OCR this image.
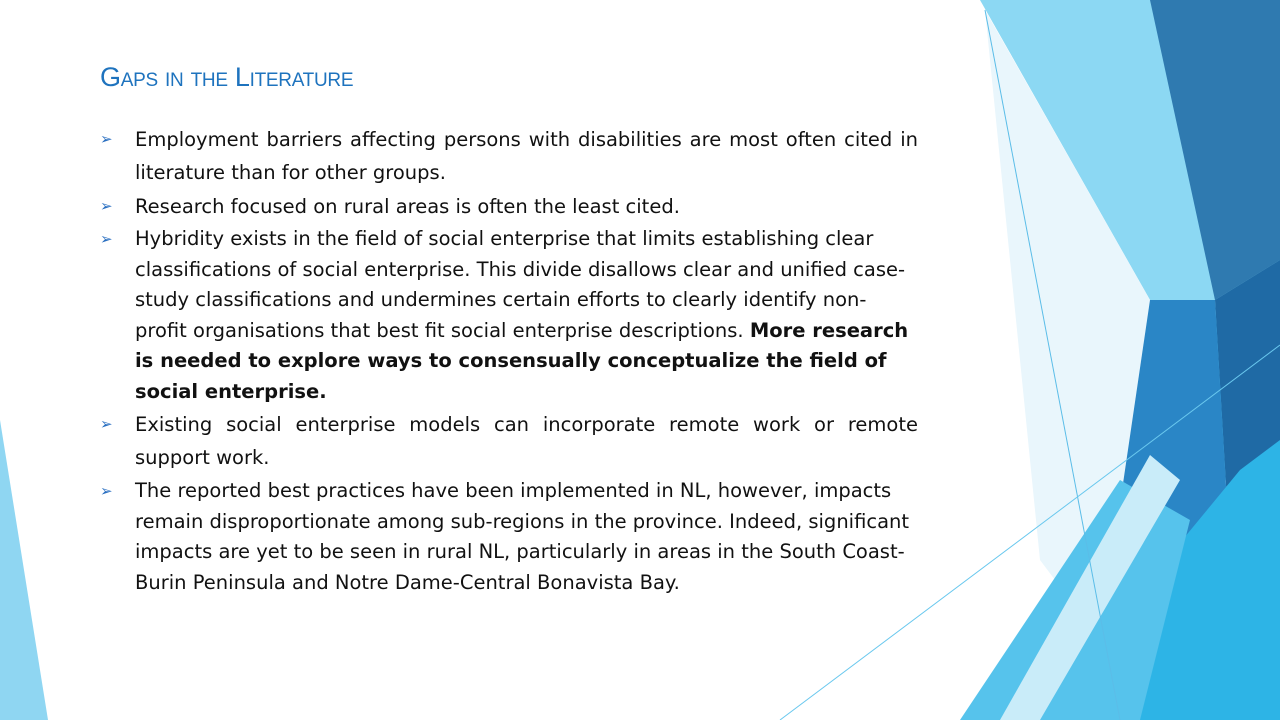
Gaps in the Literature
➢ Employment barriers affecting persons with disabilities are most often cited in literature than for other groups.
➢ Research focused on rural areas is often the least cited.
➢ Hybridity exists in the field of social enterprise that limits establishing clear classifications of social enterprise. This divide disallows clear and unified case-study classifications and undermines certain efforts to clearly identify non-profit organisations that best fit social enterprise descriptions. More research is needed to explore ways to consensually conceptualize the field of social enterprise.
➢ Existing social enterprise models can incorporate remote work or remote support work.
➢ The reported best practices have been implemented in NL, however, impacts remain disproportionate among sub-regions in the province. Indeed, significant impacts are yet to be seen in rural NL, particularly in areas in the South Coast-Burin Peninsula and Notre Dame-Central Bonavista Bay.
